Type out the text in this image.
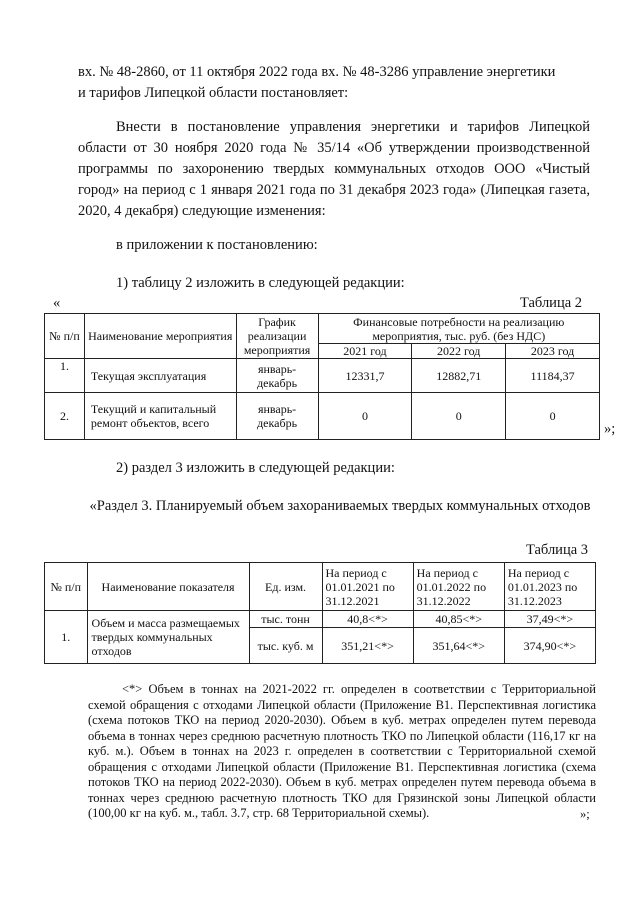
вх. № 48-2860, от 11 октября 2022 года вх. № 48-3286 управление энергетики

и тарифов Липецкой области постановляет:

Внести в постановление управления энергетики и тарифов Липецкой области от 30 ноября 2020 года № 35/14 «Об утверждении производственной программы по захоронению твердых коммунальных отходов ООО «Чистый город» на период с 1 января 2021 года по 31 декабря 2023 года» (Липецкая газета, 2020, 4 декабря) следующие изменения:

в приложении к постановлению:

1) таблицу 2 изложить в следующей редакции:

«	Таблица 2
№ п/п	Наименование мероприятия	График реализации мероприятия	Финансовые потребности на реализацию мероприятия, тыс. руб. (без НДС)		
			2021 год	2022 год	2023 год
1.	Текущая эксплуатация	январь-декабрь	12331,7	12882,71	11184,37
2.	Текущий и капитальный ремонт объектов, всего	январь-декабрь	0	0	0
»;

2) раздел 3 изложить в следующей редакции:

«Раздел 3. Планируемый объем захораниваемых твердых коммунальных отходов

Таблица 3
№ п/п	Наименование показателя	Ед. изм.	На период с 01.01.2021 по 31.12.2021	На период с 01.01.2022 по 31.12.2022	На период с 01.01.2023 по 31.12.2023
1.	Объем и масса размещаемых твердых коммунальных отходов	тыс. тонн	40,8<*>	40,85<*>	37,49<*>
		тыс. куб. м	351,21<*>	351,64<*>	374,90<*>

<*> Объем в тоннах на 2021-2022 гг. определен в соответствии с Территориальной схемой обращения с отходами Липецкой области (Приложение В1. Перспективная логистика (схема потоков ТКО на период 2020-2030). Объем в куб. метрах определен путем перевода объема в тоннах через среднюю расчетную плотность ТКО по Липецкой области (116,17 кг на куб. м.). Объем в тоннах на 2023 г. определен в соответствии с Территориальной схемой обращения с отходами Липецкой области (Приложение В1. Перспективная логистика (схема потоков ТКО на период 2022-2030). Объем в куб. метрах определен путем перевода объема в тоннах через среднюю расчетную плотность ТКО для Грязинской зоны Липецкой области (100,00 кг на куб. м., табл. 3.7, стр. 68 Территориальной схемы).	»;
